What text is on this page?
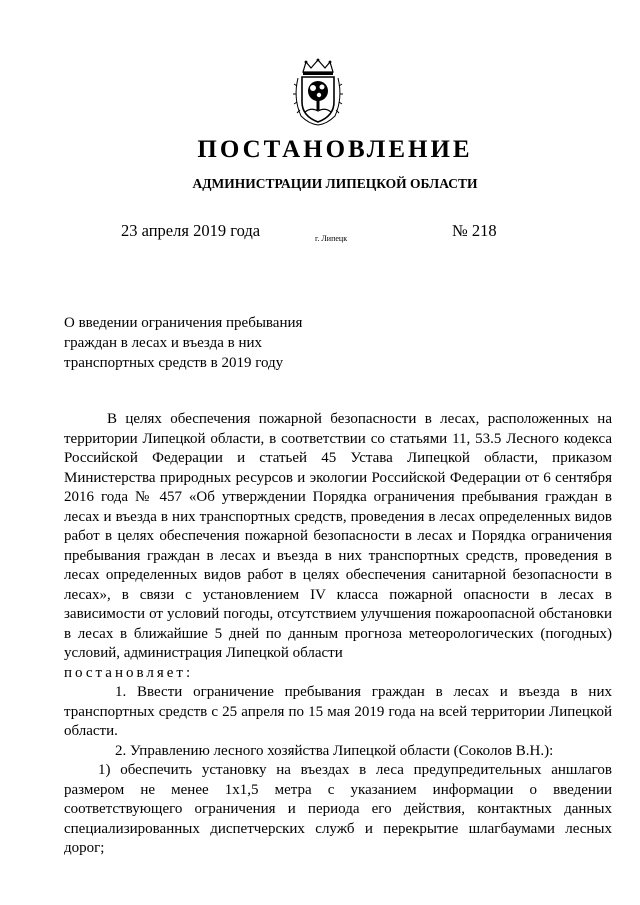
ПОСТАНОВЛЕНИЕ
АДМИНИСТРАЦИИ ЛИПЕЦКОЙ ОБЛАСТИ
23 апреля 2019 года	г. Липецк	№ 218
О введении ограничения пребывания
граждан в лесах и въезда в них
транспортных средств в 2019 году

В целях обеспечения пожарной безопасности в лесах, расположенных на территории Липецкой области, в соответствии со статьями 11, 53.5 Лесного кодекса Российской Федерации и статьей 45 Устава Липецкой области, приказом Министерства природных ресурсов и экологии Российской Федерации от 6 сентября 2016 года № 457 «Об утверждении Порядка ограничения пребывания граждан в лесах и въезда в них транспортных средств, проведения в лесах определенных видов работ в целях обеспечения пожарной безопасности в лесах и Порядка ограничения пребывания граждан в лесах и въезда в них транспортных средств, проведения в лесах определенных видов работ в целях обеспечения санитарной безопасности в лесах», в связи с установлением IV класса пожарной опасности в лесах в зависимости от условий погоды, отсутствием улучшения пожароопасной обстановки в лесах в ближайшие 5 дней по данным прогноза метеорологических (погодных) условий, администрация Липецкой области

постановляет:

1. Ввести ограничение пребывания граждан в лесах и въезда в них транспортных средств с 25 апреля по 15 мая 2019 года на всей территории Липецкой области.

2. Управлению лесного хозяйства Липецкой области (Соколов В.Н.):

1) обеспечить установку на въездах в леса предупредительных аншлагов размером не менее 1х1,5 метра с указанием информации о введении соответствующего ограничения и периода его действия, контактных данных специализированных диспетчерских служб и перекрытие шлагбаумами лесных дорог;
